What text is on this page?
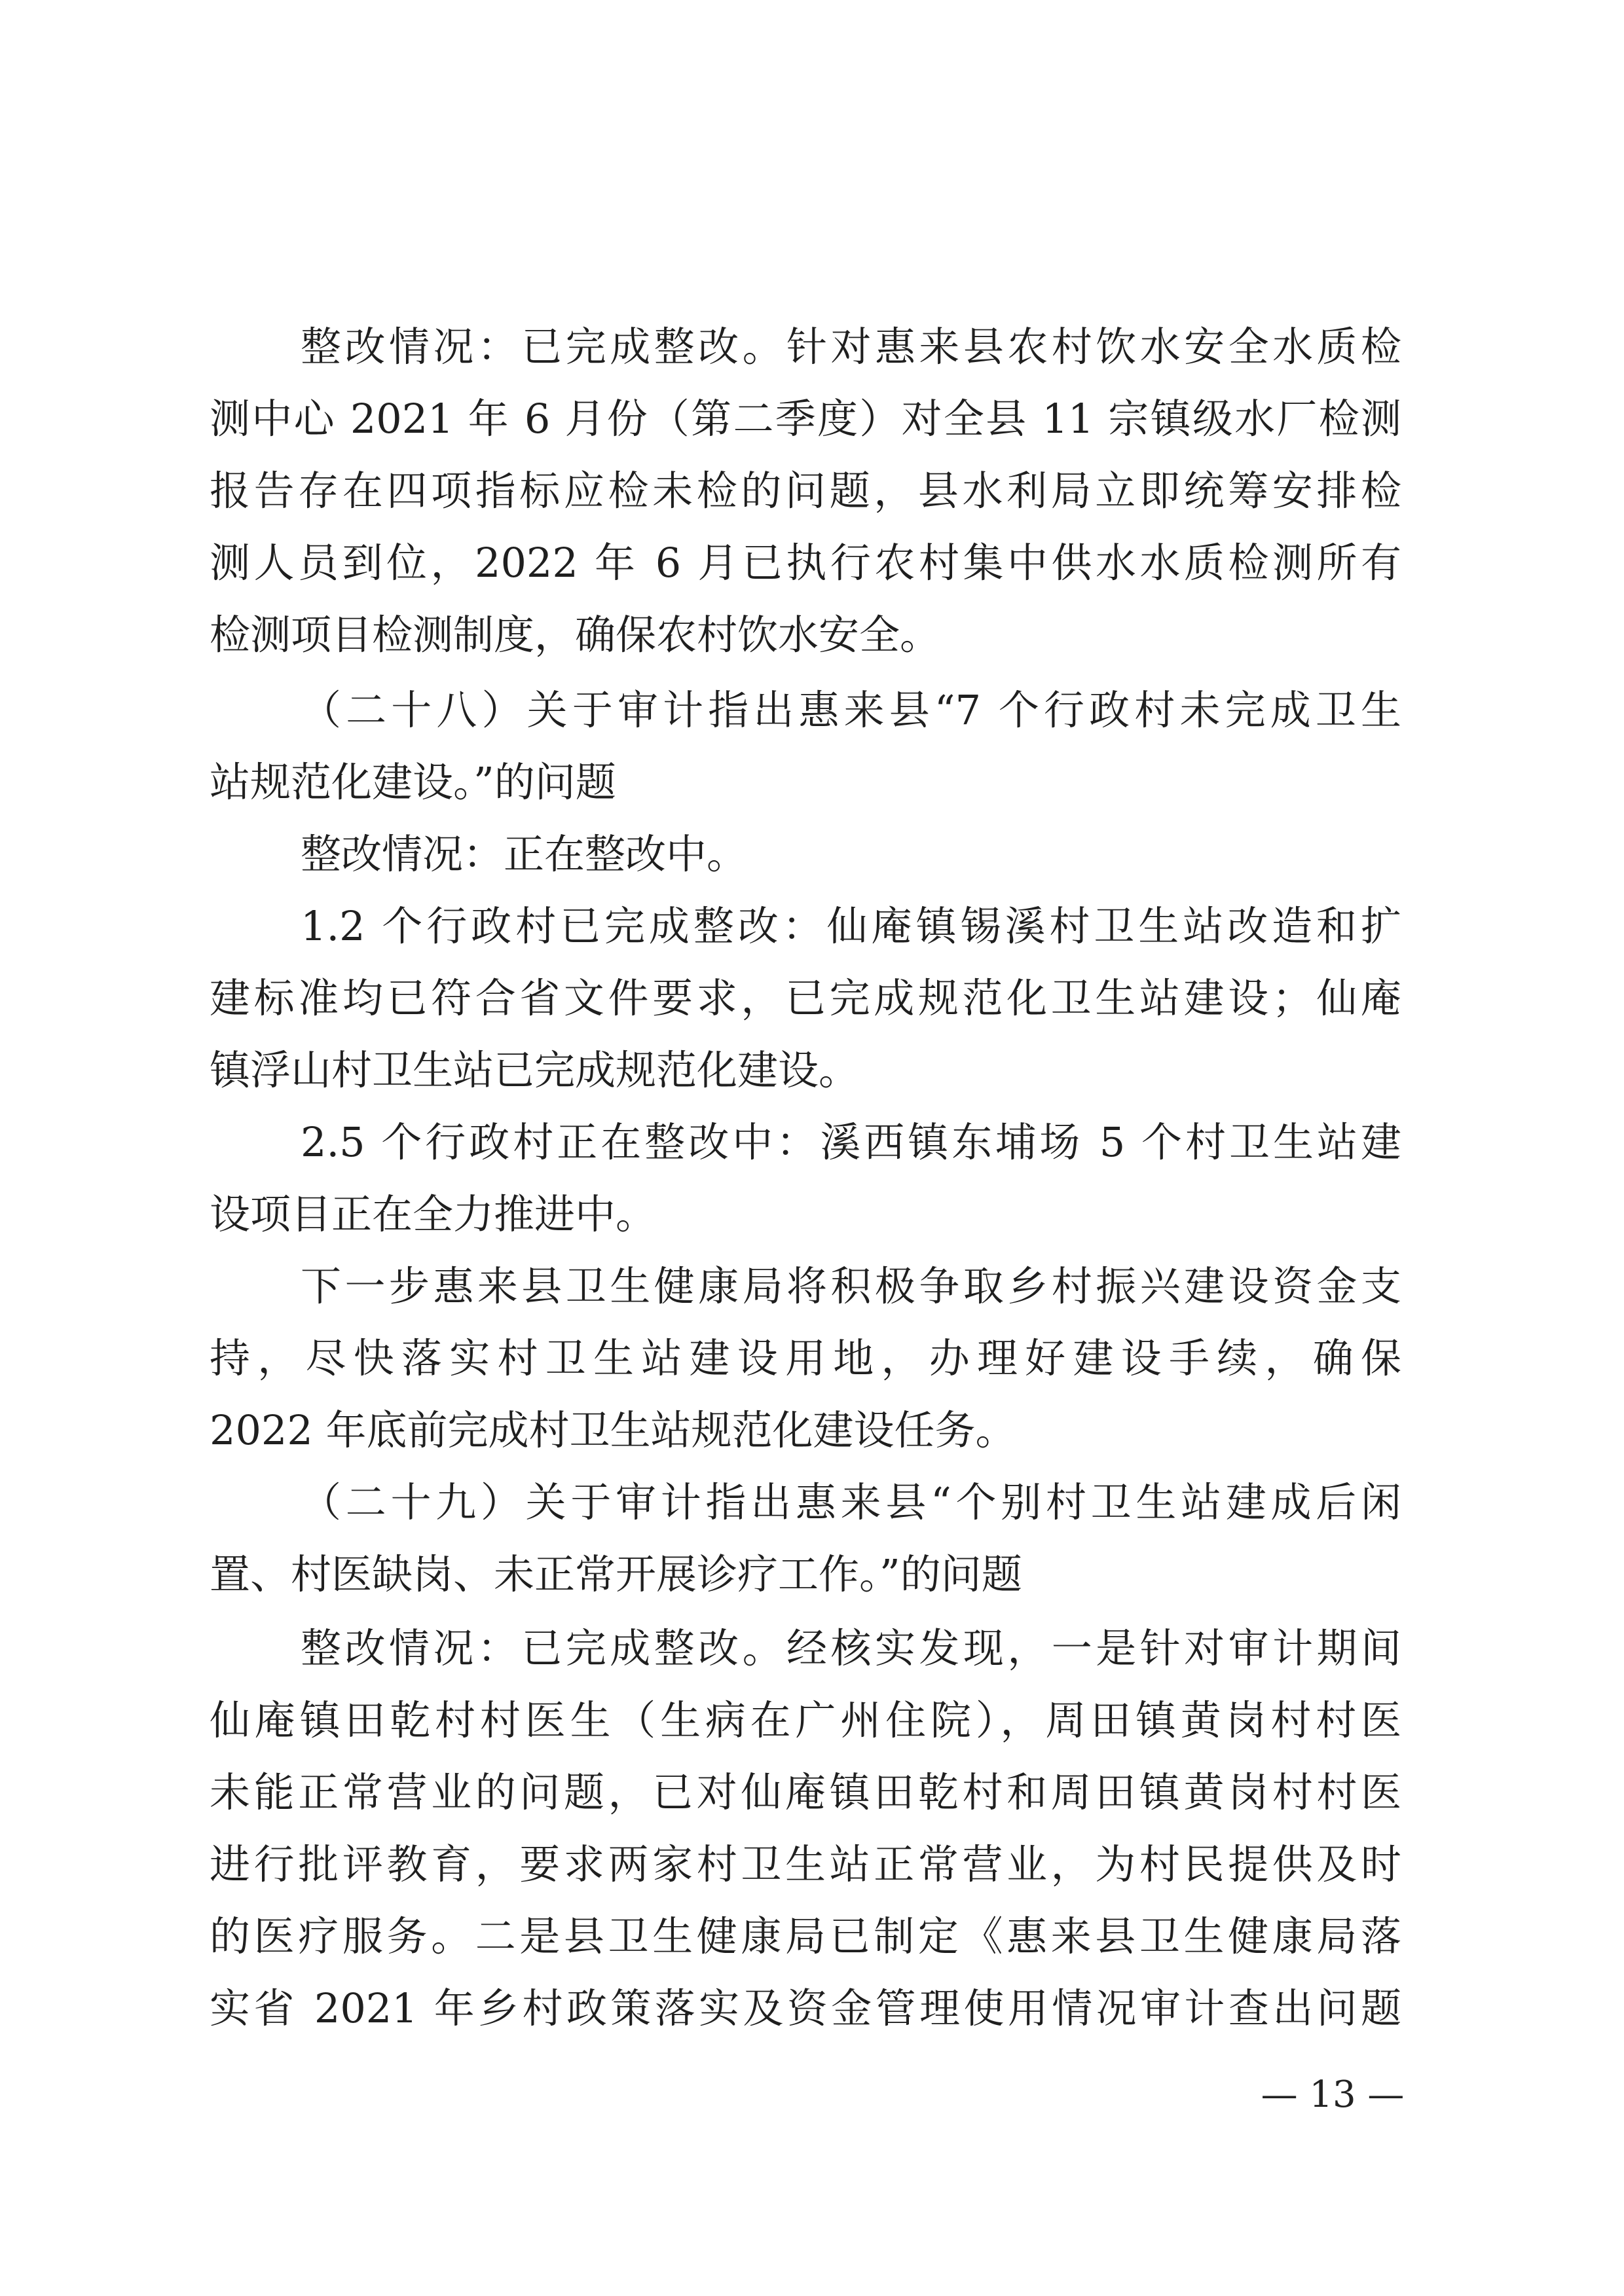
整改情况：已完成整改。针对惠来县农村饮水安全水质检
测中心 2021 年 6 月份（第二季度）对全县 11 宗镇级水厂检测
报告存在四项指标应检未检的问题，县水利局立即统筹安排检
测人员到位，2022 年 6 月已执行农村集中供水水质检测所有
检测项目检测制度，确保农村饮水安全。
（二十八）关于审计指出惠来县“7 个行政村未完成卫生
站规范化建设。”的问题
整改情况：正在整改中。
1.2 个行政村已完成整改：仙庵镇锡溪村卫生站改造和扩
建标准均已符合省文件要求，已完成规范化卫生站建设；仙庵
镇浮山村卫生站已完成规范化建设。
2.5 个行政村正在整改中：溪西镇东埔场 5 个村卫生站建
设项目正在全力推进中。
下一步惠来县卫生健康局将积极争取乡村振兴建设资金支
持，尽快落实村卫生站建设用地，办理好建设手续，确保
2022 年底前完成村卫生站规范化建设任务。
（二十九）关于审计指出惠来县“个别村卫生站建成后闲
置、村医缺岗、未正常开展诊疗工作。”的问题
整改情况：已完成整改。经核实发现，一是针对审计期间
仙庵镇田乾村村医生（生病在广州住院），周田镇黄岗村村医
未能正常营业的问题，已对仙庵镇田乾村和周田镇黄岗村村医
进行批评教育，要求两家村卫生站正常营业，为村民提供及时
的医疗服务。二是县卫生健康局已制定《惠来县卫生健康局落
实省 2021 年乡村政策落实及资金管理使用情况审计查出问题
— 13 —
